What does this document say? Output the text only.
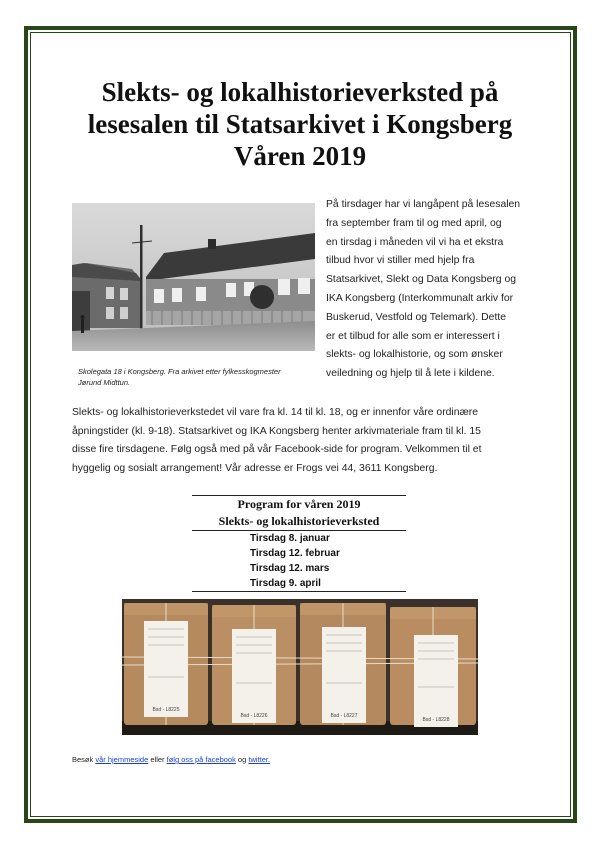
Slekts- og lokalhistorieverksted på
lesesalen til Statsarkivet i Kongsberg
Våren 2019
Skolegata 18 i Kongsberg. Fra arkivet etter fylkesskogmester
Jørund Midttun.
På tirsdager har vi langåpent på lesesalen
fra september fram til og med april, og
en tirsdag i måneden vil vi ha et ekstra
tilbud hvor vi stiller med hjelp fra
Statsarkivet, Slekt og Data Kongsberg og
IKA Kongsberg (Interkommunalt arkiv for
Buskerud, Vestfold og Telemark). Dette
er et tilbud for alle som er interessert i
slekts- og lokalhistorie, og som ønsker
veiledning og hjelp til å lete i kildene.
Slekts- og lokalhistorieverkstedet vil vare fra kl. 14 til kl. 18, og er innenfor våre ordinære
åpningstider (kl. 9-18). Statsarkivet og IKA Kongsberg henter arkivmateriale fram til kl. 15
disse fire tirsdagene. Følg også med på vår Facebook-side for program. Velkommen til et
hyggelig og sosialt arrangement! Vår adresse er Frogs vei 44, 3611 Kongsberg.
Program for våren 2019
Slekts- og lokalhistorieverksted
Tirsdag 8. januar
Tirsdag 12. februar
Tirsdag 12. mars
Tirsdag 9. april
Bsd - L8225
Bsd - L8226	Bsd - L8227
Bsd - L8228
Besøk vår hjemmeside eller følg oss på facebook og twitter.
